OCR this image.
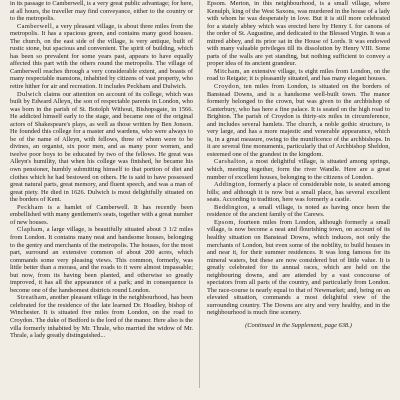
in its passage to Camberwell, is a very great public advantage; for here, at all hours, the traveller may find conveyance, either to the country or to the metropolis.

Camberwell, a very pleasant village, is about three miles from the metropolis. It has a spacious green, and contains many good houses. The church, on the east side of the village, is very antique, built of rustic stone, but spacious and convenient. The spirit of building, which has been so prevalent for some years past, appears to have equally affected this part with the others round the metropolis. The village of Camberwell reaches through a very considerable extent, and boasts of many respectable mansions, inhabited by citizens of vast property, who retire hither for air and recreation. It includes Peckham and Dulwich.

Dulwich claims our attention on account of its college, which was built by Edward Alleyn, the son of respectable parents in London, who was born in the parish of St. Botolph Without, Bishopsgate, in 1566. He addicted himself early to the stage, and became one of the original actors of Shakespeare's plays, as well as those written by Ben Jonson. He founded this college for a master and wardens, who were always to be of the name of Alleyn, with fellows, three of whom were to be divines, an organist, six poor men, and as many poor women, and twelve poor boys to be educated by two of the fellows. He great was Alleyn's humility, that when his college was finished, he became his own pensioner, humbly submitting himself to that portion of diet and clothes which he had bestowed on others. He is said to have possessed great natural parts, great memory, and fluent speech, and was a man of great piety. He died in 1626. Dulwich is most delightfully situated on the borders of Kent.

Peckham is a hamlet of Camberwell. It has recently been embellished with many gentlemen's seats, together with a great number of new houses.

Clapham, a large village, is beautifully situated about 3 1/2 miles from London. It contains many neat and handsome houses, belonging to the gentry and merchants of the metropolis. The houses, for the most part, surround an extensive common of about 200 acres, which commands some very pleasing views. This common, formerly, was little better than a morass, and the roads to it were almost impassable; but now, from its having been planted, and otherwise so greatly improved, it has all the appearance of a park; and in consequence is become one of the handsomest districts round London.

Streatham, another pleasant village in the neighbourhood, has been celebrated for the residence of the late learned Dr. Hoadley, bishop of Winchester. It is situated five miles from London, on the road to Croydon. The duke of Bedford is the lord of the manor. Here also is the villa formerly inhabited by Mr. Thrale, who married the widow of Mr. Thrale, a lady greatly distinguished...

Epsom. Merton, in this neighbourhood, is a small village, where Kenulph, king of the West Saxons, was murdered in the house of a lady with whom he was desperately in love. But it is still more celebrated for a stately abbey which was erected here by Henry I. for canons of the order of St. Augustine, and dedicated to the Blessed Virgin. It was a mitred abbey, and its prior sat in the House of Lords. It was endowed with many valuable privileges till its dissolution by Henry VIII. Some parts of the walls are yet standing, but nothing sufficient to convey a proper idea of its ancient grandeur.

Mitcham, an extensive village, is eight miles from London, on the road to Reigate; it is pleasantly situated, and has many elegant houses.

Croydon, ten miles from London, is situated on the borders of Banstead Downs, and is a handsome well-built town. The manor formerly belonged to the crown, but was given to the archbishop of Canterbury, who has here a fine palace. It is seated on the high road to Brighton. The parish of Croydon is thirty-six miles in circumference, and includes several hamlets. The church, a noble gothic structure, is very large, and has a more majestic and venerable appearance, which is, in a great measure, owing to the munificence of the archbishops. In it are several fine monuments, particularly that of Archbishop Sheldon, esteemed one of the grandest in the kingdom.

Carshalton, a most delightful village, is situated among springs, which, meeting together, form the river Wandle. Here are a great number of excellent houses, belonging to the citizens of London.

Addington, formerly a place of considerable note, is seated among hills; and although it is now but a small place, has several excellent seats. According to tradition, here was formerly a castle.

Beddington, a small village, is noted as having once been the residence of the ancient family of the Carews.

Epsom, fourteen miles from London, although formerly a small village, is now become a neat and flourishing town, on account of its healthy situation on Banstead Downs, which induces, not only the merchants of London, but even some of the nobility, to build houses in and near it, for their summer residences. It was long famous for its mineral waters, but these are now considered but of little value. It is greatly celebrated for its annual races, which are held on the neighbouring downs, and are attended by a vast concourse of spectators from all parts of the country, and particularly from London. The race-course is nearly equal to that of Newmarket; and, being on an elevated situation, commands a most delightful view of the surrounding country. The Downs are airy and very healthy, and in the neighbourhood is much fine scenery.

(Continued in the Supplement, page 638.)
